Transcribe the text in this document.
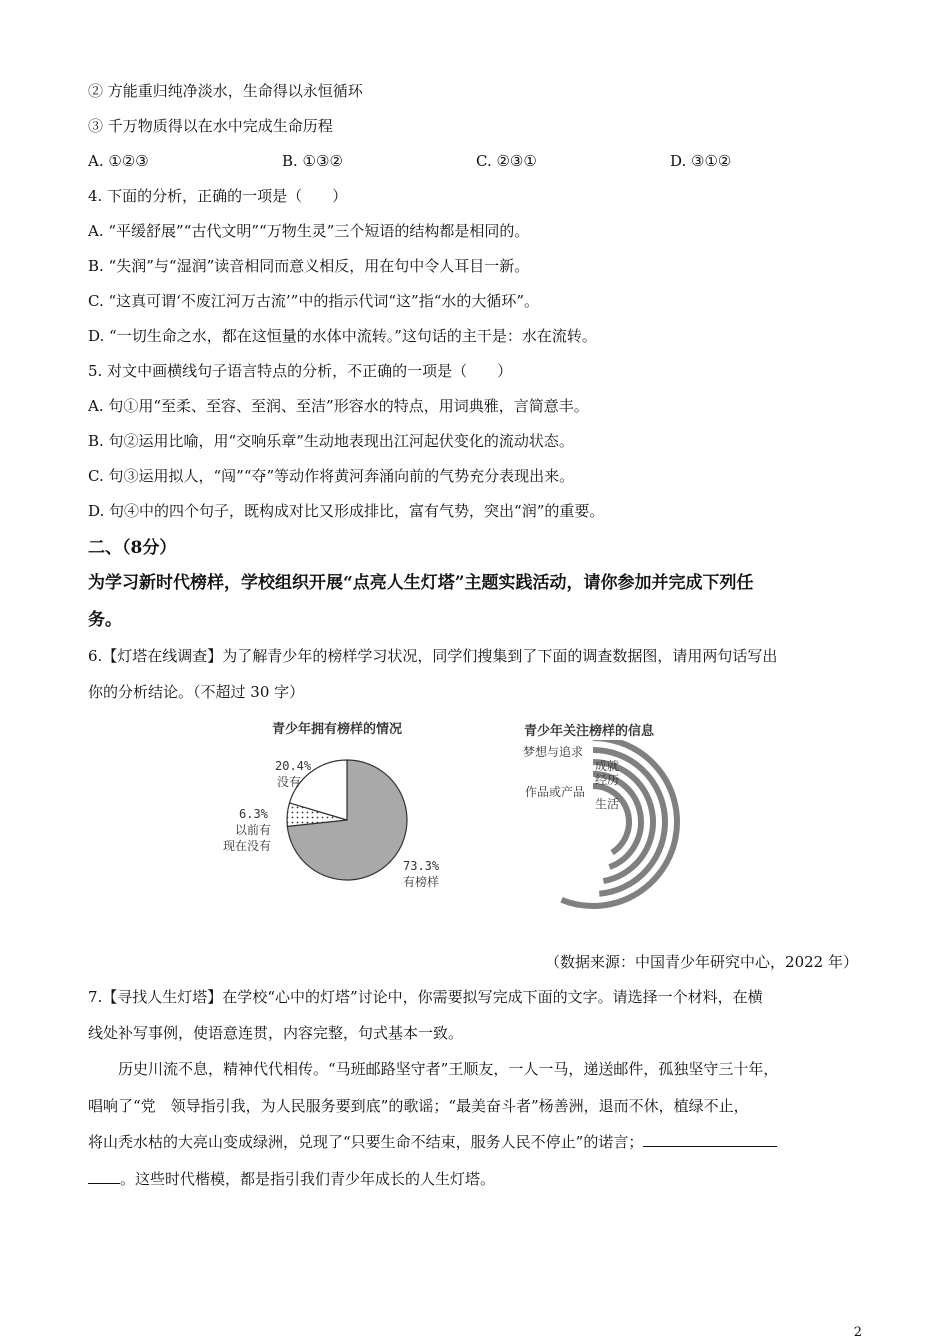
② 方能重归纯净淡水，生命得以永恒循环
③ 千万物质得以在水中完成生命历程
A. ①②③	B. ①③②	C. ②③①	D. ③①②
4. 下面的分析，正确的一项是（　　）
A. “平缓舒展”“古代文明”“万物生灵”三个短语的结构都是相同的。
B. “失润”与“湿润”读音相同而意义相反，用在句中令人耳目一新。
C. “这真可谓‘不废江河万古流’”中的指示代词“这”指“水的大循环”。
D. “一切生命之水，都在这恒量的水体中流转。”这句话的主干是：水在流转。
5. 对文中画横线句子语言特点的分析，不正确的一项是（　　）
A. 句①用“至柔、至容、至润、至洁”形容水的特点，用词典雅，言简意丰。
B. 句②运用比喻，用“交响乐章”生动地表现出江河起伏变化的流动状态。
C. 句③运用拟人，“闯”“夺”等动作将黄河奔涌向前的气势充分表现出来。
D. 句④中的四个句子，既构成对比又形成排比，富有气势，突出“润”的重要。
二、（8分）
为学习新时代榜样，学校组织开展“点亮人生灯塔”主题实践活动，请你参加并完成下列任
务。
6.【灯塔在线调查】为了解青少年的榜样学习状况，同学们搜集到了下面的调查数据图，请用两句话写出
你的分析结论。（不超过 30 字）
青少年拥有榜样的情况
20.4%
没有
6.3%
以前有
现在没有
73.3%
有榜样
青少年关注榜样的信息
梦想与追求
成就
经历
作品或产品
生活
（数据来源：中国青少年研究中心，2022 年）
7.【寻找人生灯塔】在学校“心中的灯塔”讨论中，你需要拟写完成下面的文字。请选择一个材料，在横
线处补写事例，使语意连贯，内容完整，句式基本一致。
历史川流不息，精神代代相传。“马班邮路坚守者”王顺友，一人一马，递送邮件，孤独坚守三十年，
唱响了“党　领导指引我，为人民服务要到底”的歌谣；“最美奋斗者”杨善洲，退而不休，植绿不止，
将山秃水枯的大亮山变成绿洲，兑现了“只要生命不结束，服务人民不停止”的诺言；
。这些时代楷模，都是指引我们青少年成长的人生灯塔。
2
